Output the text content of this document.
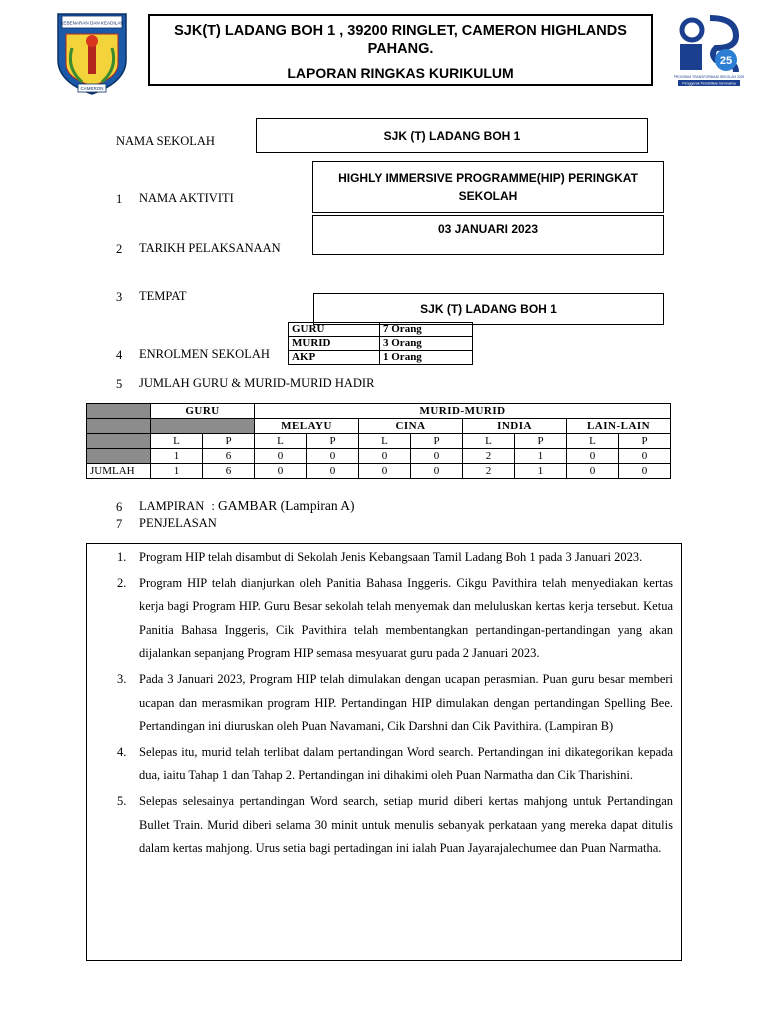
KEBENARAN DAN KEADILAN
CAMERON
SJK(T) LADANG BOH 1 , 39200 RINGLET, CAMERON HIGHLANDS
PAHANG.
LAPORAN RINGKAS KURIKULUM
25
PROGRAM TRANSFORMASI SEKOLAH 2025
Penggerak Pendidikan Bermakna
NAMA SEKOLAH	SJK (T) LADANG BOH 1
1	NAMA AKTIVITI
HIGHLY IMMERSIVE PROGRAMME(HIP) PERINGKAT
SEKOLAH
2	TARIKH PELAKSANAAN
03 JANUARI 2023
3	TEMPAT
SJK (T) LADANG BOH 1
4	ENROLMEN SEKOLAH
GURU	7 Orang
MURID	3 Orang
AKP	1 Orang
5	JUMLAH GURU & MURID-MURID HADIR
	GURU		MURID-MURID							
			MELAYU		CINA		INDIA		LAIN-LAIN	
	L	P	L	P	L	P	L	P	L	P
	1	6	0	0	0	0	2	1	0	0
JUMLAH	1	6	0	0	0	0	2	1	0	0
6	LAMPIRAN : GAMBAR (Lampiran A)
7	PENJELASAN
1.	Program HIP telah disambut di Sekolah Jenis Kebangsaan Tamil Ladang Boh 1 pada 3 Januari 2023.
2.	Program HIP telah dianjurkan oleh Panitia Bahasa Inggeris. Cikgu Pavithira telah menyediakan kertas kerja bagi Program HIP. Guru Besar sekolah telah menyemak dan meluluskan kertas kerja tersebut. Ketua Panitia Bahasa Inggeris, Cik Pavithira telah membentangkan pertandingan-pertandingan yang akan dijalankan sepanjang Program HIP semasa mesyuarat guru pada 2 Januari 2023.
3.	Pada 3 Januari 2023, Program HIP telah dimulakan dengan ucapan perasmian. Puan guru besar memberi ucapan dan merasmikan program HIP. Pertandingan HIP dimulakan dengan pertandingan Spelling Bee. Pertandingan ini diuruskan oleh Puan Navamani, Cik Darshni dan Cik Pavithira. (Lampiran B)
4.	Selepas itu, murid telah terlibat dalam pertandingan Word search. Pertandingan ini dikategorikan kepada dua, iaitu Tahap 1 dan Tahap 2. Pertandingan ini dihakimi oleh Puan Narmatha dan Cik Tharishini.
5.	Selepas selesainya pertandingan Word search, setiap murid diberi kertas mahjong untuk Pertandingan Bullet Train. Murid diberi selama 30 minit untuk menulis sebanyak perkataan yang mereka dapat ditulis dalam kertas mahjong. Urus setia bagi pertadingan ini ialah Puan Jayarajalechumee dan Puan Narmatha.
